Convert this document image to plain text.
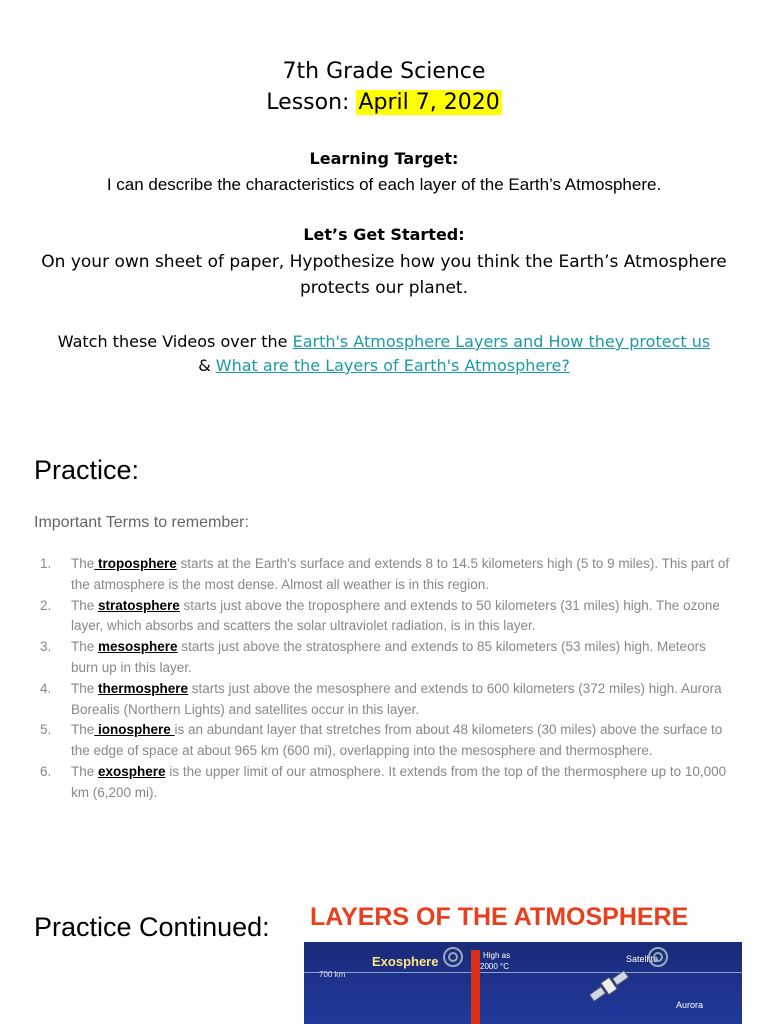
7th Grade Science
Lesson: April 7, 2020
Learning Target:
I can describe the characteristics of each layer of the Earth’s Atmosphere.
Let’s Get Started:
On your own sheet of paper, Hypothesize how you think the Earth’s Atmosphere protects our planet.
Watch these Videos over the Earth's Atmosphere Layers and How they protect us
& What are the Layers of Earth's Atmosphere?
Practice:
Important Terms to remember:
1. The troposphere starts at the Earth's surface and extends 8 to 14.5 kilometers high (5 to 9 miles). This part of the atmosphere is the most dense. Almost all weather is in this region.
2. The stratosphere starts just above the troposphere and extends to 50 kilometers (31 miles) high. The ozone layer, which absorbs and scatters the solar ultraviolet radiation, is in this layer.
3. The mesosphere starts just above the stratosphere and extends to 85 kilometers (53 miles) high. Meteors burn up in this layer.
4. The thermosphere starts just above the mesosphere and extends to 600 kilometers (372 miles) high. Aurora Borealis (Northern Lights) and satellites occur in this layer.
5. The ionosphere is an abundant layer that stretches from about 48 kilometers (30 miles) above the surface to the edge of space at about 965 km (600 mi), overlapping into the mesosphere and thermosphere.
6. The exosphere is the upper limit of our atmosphere. It extends from the top of the thermosphere up to 10,000 km (6,200 mi).
Practice Continued: LAYERS OF THE ATMOSPHERE
700 km
Exosphere	High as
2000 °C
Satellite
Aurora
